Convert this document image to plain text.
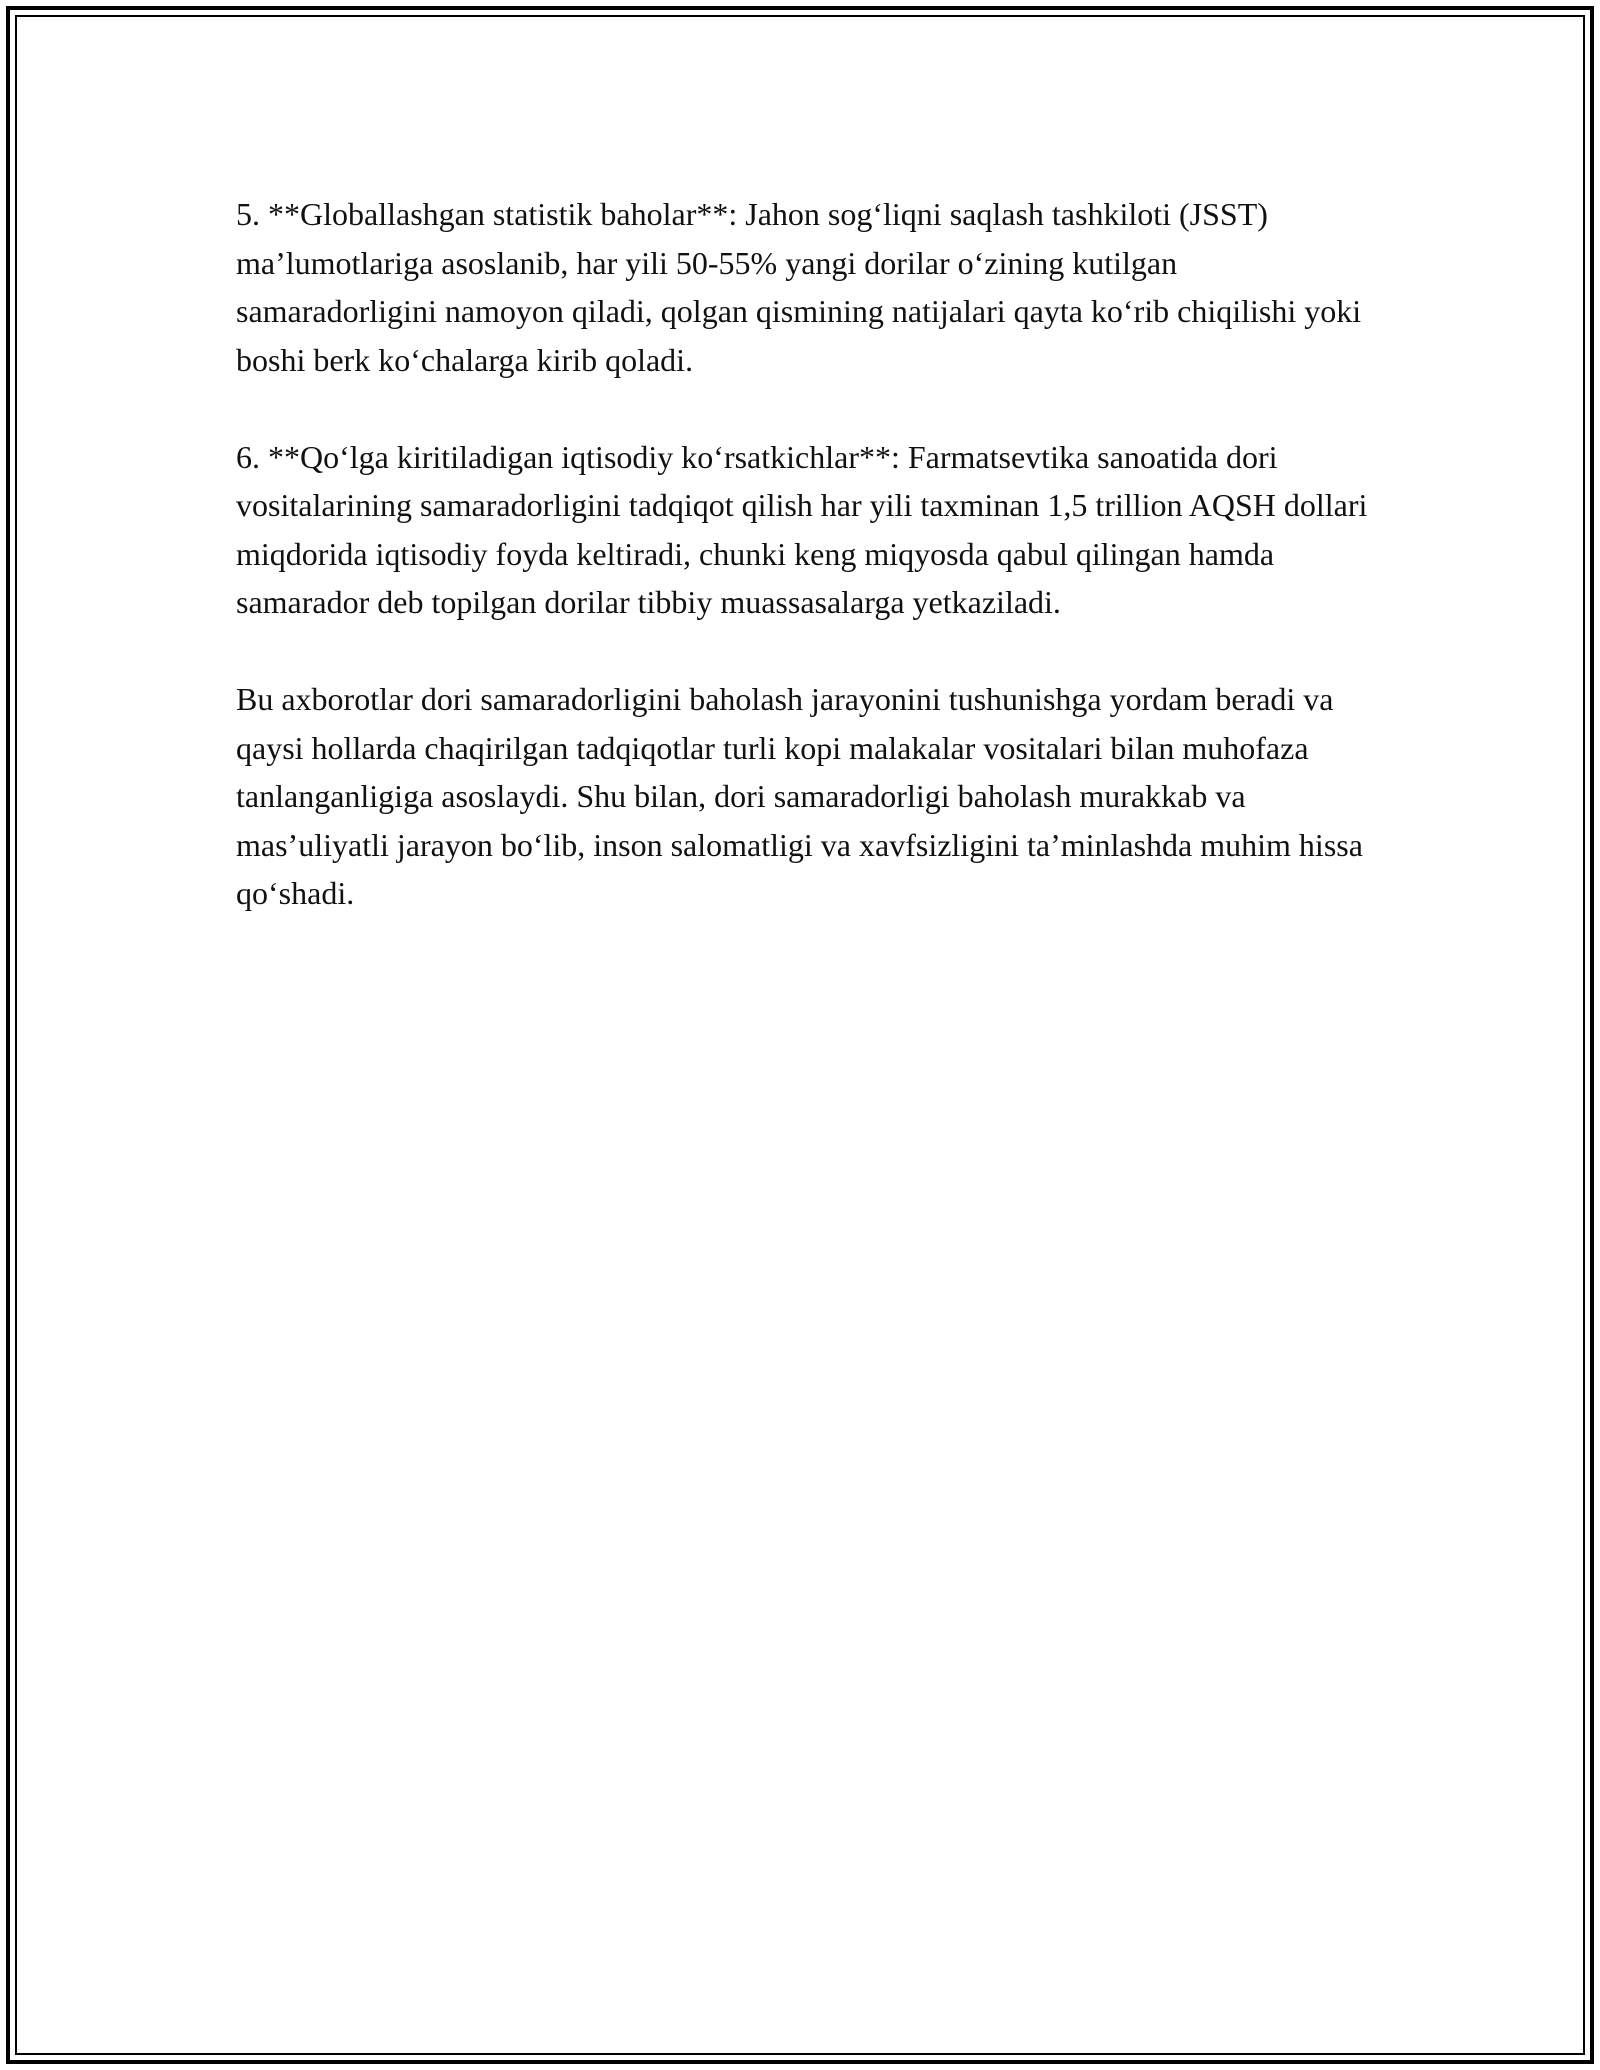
5. **Globallashgan statistik baholar**: Jahon sog‘liqni saqlash tashkiloti (JSST) ma’lumotlariga asoslanib, har yili 50-55% yangi dorilar o‘zining kutilgan samaradorligini namoyon qiladi, qolgan qismining natijalari qayta ko‘rib chiqilishi yoki boshi berk ko‘chalarga kirib qoladi.

6. **Qo‘lga kiritiladigan iqtisodiy ko‘rsatkichlar**: Farmatsevtika sanoatida dori vositalarining samaradorligini tadqiqot qilish har yili taxminan 1,5 trillion AQSH dollari miqdorida iqtisodiy foyda keltiradi, chunki keng miqyosda qabul qilingan hamda samarador deb topilgan dorilar tibbiy muassasalarga yetkaziladi.

Bu axborotlar dori samaradorligini baholash jarayonini tushunishga yordam beradi va qaysi hollarda chaqirilgan tadqiqotlar turli kopi malakalar vositalari bilan muhofaza tanlanganligiga asoslaydi. Shu bilan, dori samaradorligi baholash murakkab va mas’uliyatli jarayon bo‘lib, inson salomatligi va xavfsizligini ta’minlashda muhim hissa qo‘shadi.
